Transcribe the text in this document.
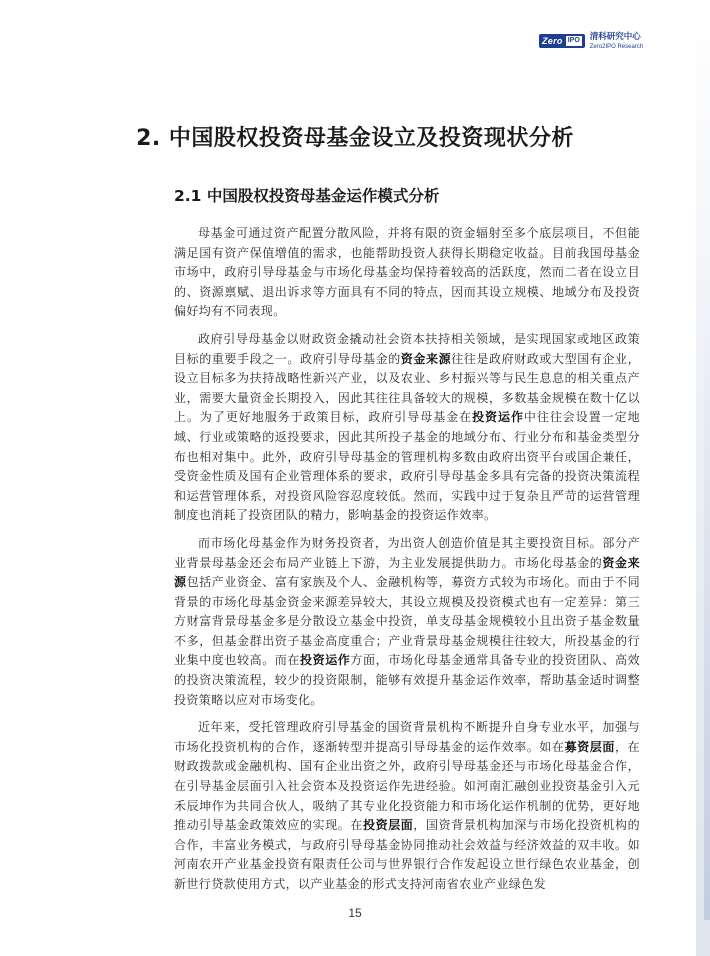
Zero IPO 清科研究中心
Zero2IPO Research
2. 中国股权投资母基金设立及投资现状分析
2.1 中国股权投资母基金运作模式分析

母基金可通过资产配置分散风险，并将有限的资金辐射至多个底层项目，不但能满足国有资产保值增值的需求，也能帮助投资人获得长期稳定收益。目前我国母基金市场中，政府引导母基金与市场化母基金均保持着较高的活跃度，然而二者在设立目的、资源禀赋、退出诉求等方面具有不同的特点，因而其设立规模、地域分布及投资偏好均有不同表现。

政府引导母基金以财政资金撬动社会资本扶持相关领域，是实现国家或地区政策目标的重要手段之一。政府引导母基金的资金来源往往是政府财政或大型国有企业，设立目标多为扶持战略性新兴产业，以及农业、乡村振兴等与民生息息的相关重点产业，需要大量资金长期投入，因此其往往具备较大的规模，多数基金规模在数十亿以上。为了更好地服务于政策目标，政府引导母基金在投资运作中往往会设置一定地域、行业或策略的返投要求，因此其所投子基金的地域分布、行业分布和基金类型分布也相对集中。此外，政府引导母基金的管理机构多数由政府出资平台或国企兼任，受资金性质及国有企业管理体系的要求，政府引导母基金多具有完备的投资决策流程和运营管理体系，对投资风险容忍度较低。然而，实践中过于复杂且严苛的运营管理制度也消耗了投资团队的精力，影响基金的投资运作效率。

而市场化母基金作为财务投资者，为出资人创造价值是其主要投资目标。部分产业背景母基金还会布局产业链上下游，为主业发展提供助力。市场化母基金的资金来源包括产业资金、富有家族及个人、金融机构等，募资方式较为市场化。而由于不同背景的市场化母基金资金来源差异较大，其设立规模及投资模式也有一定差异：第三方财富背景母基金多是分散设立基金中投资，单支母基金规模较小且出资子基金数量不多，但基金群出资子基金高度重合；产业背景母基金规模往往较大，所投基金的行业集中度也较高。而在投资运作方面，市场化母基金通常具备专业的投资团队、高效的投资决策流程，较少的投资限制，能够有效提升基金运作效率，帮助基金适时调整投资策略以应对市场变化。

近年来，受托管理政府引导基金的国资背景机构不断提升自身专业水平，加强与市场化投资机构的合作，逐渐转型并提高引导母基金的运作效率。如在募资层面，在财政拨款或金融机构、国有企业出资之外，政府引导母基金还与市场化母基金合作，在引导基金层面引入社会资本及投资运作先进经验。如河南汇融创业投资基金引入元禾辰坤作为共同合伙人，吸纳了其专业化投资能力和市场化运作机制的优势，更好地推动引导基金政策效应的实现。在投资层面，国资背景机构加深与市场化投资机构的合作，丰富业务模式，与政府引导母基金协同推动社会效益与经济效益的双丰收。如河南农开产业基金投资有限责任公司与世界银行合作发起设立世行绿色农业基金，创新世行贷款使用方式，以产业基金的形式支持河南省农业产业绿色发

15
